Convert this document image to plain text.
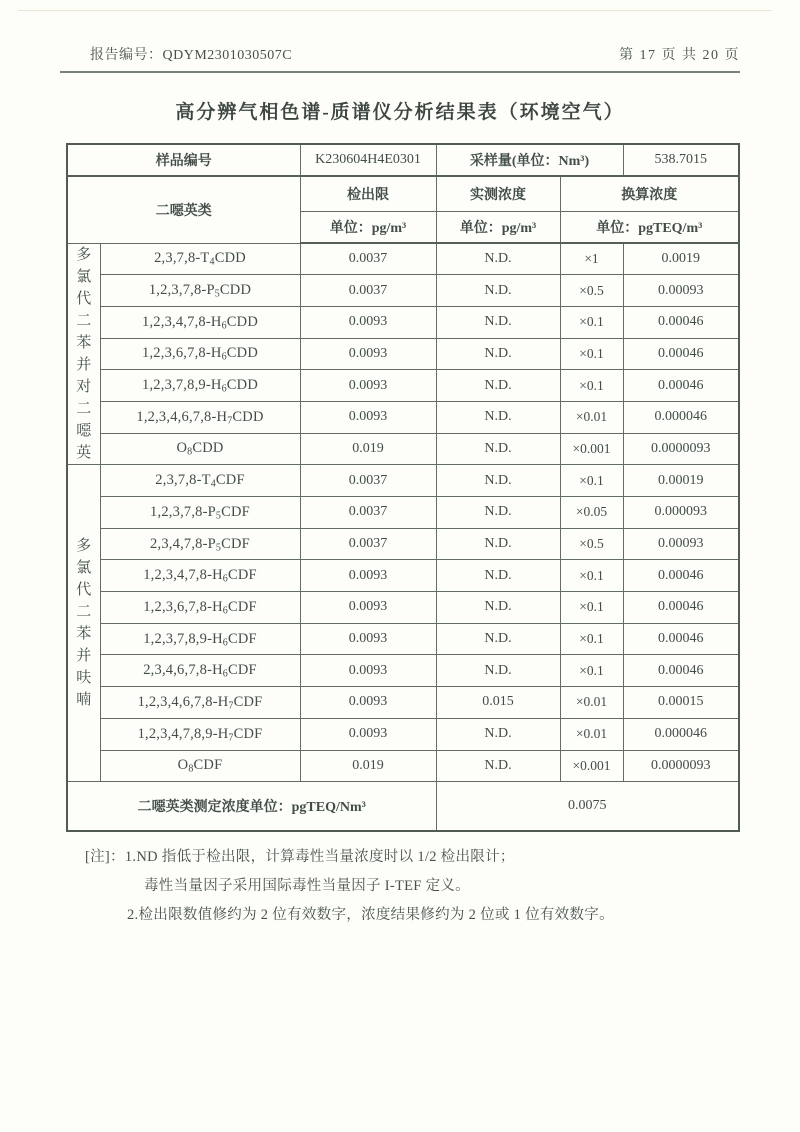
报告编号：QDYM2301030507C	第 17 页 共 20 页
高分辨气相色谱-质谱仪分析结果表（环境空气）
样品编号		K230604H4E0301	采样量(单位：Nm³)		538.7015
二噁英类		检出限	实测浓度	换算浓度	
		单位：pg/m³	单位：pg/m³	单位：pgTEQ/m³	

多
氯
代
二
苯
并
对
二
噁
英
	$2,3,7,8-T_4CDD$	0.0037	N.D.	×1	0.0019
	$1,2,3,7,8-P_5CDD$	0.0037	N.D.	×0.5	0.00093
	$1,2,3,4,7,8-H_6CDD$	0.0093	N.D.	×0.1	0.00046
	$1,2,3,6,7,8-H_6CDD$	0.0093	N.D.	×0.1	0.00046
	$1,2,3,7,8,9-H_6CDD$	0.0093	N.D.	×0.1	0.00046
	$1,2,3,4,6,7,8-H_7CDD$	0.0093	N.D.	×0.01	0.000046
	$O_8CDD$	0.019	N.D.	×0.001	0.0000093

多
氯
代
二
苯
并
呋
喃
	$2,3,7,8-T_4CDF$	0.0037	N.D.	×0.1	0.00019
	$1,2,3,7,8-P_5CDF$	0.0037	N.D.	×0.05	0.000093
	$2,3,4,7,8-P_5CDF$	0.0037	N.D.	×0.5	0.00093
	$1,2,3,4,7,8-H_6CDF$	0.0093	N.D.	×0.1	0.00046
	$1,2,3,6,7,8-H_6CDF$	0.0093	N.D.	×0.1	0.00046
	$1,2,3,7,8,9-H_6CDF$	0.0093	N.D.	×0.1	0.00046
	$2,3,4,6,7,8-H_6CDF$	0.0093	N.D.	×0.1	0.00046
	$1,2,3,4,6,7,8-H_7CDF$	0.0093	0.015	×0.01	0.00015
	$1,2,3,4,7,8,9-H_7CDF$	0.0093	N.D.	×0.01	0.000046
	$O_8CDF$	0.019	N.D.	×0.001	0.0000093
二噁英类测定浓度单位：pgTEQ/Nm³			0.0075		

[注]：1.ND 指低于检出限，计算毒性当量浓度时以 1/2 检出限计；

毒性当量因子采用国际毒性当量因子 I-TEF 定义。

2.检出限数值修约为 2 位有效数字，浓度结果修约为 2 位或 1 位有效数字。
